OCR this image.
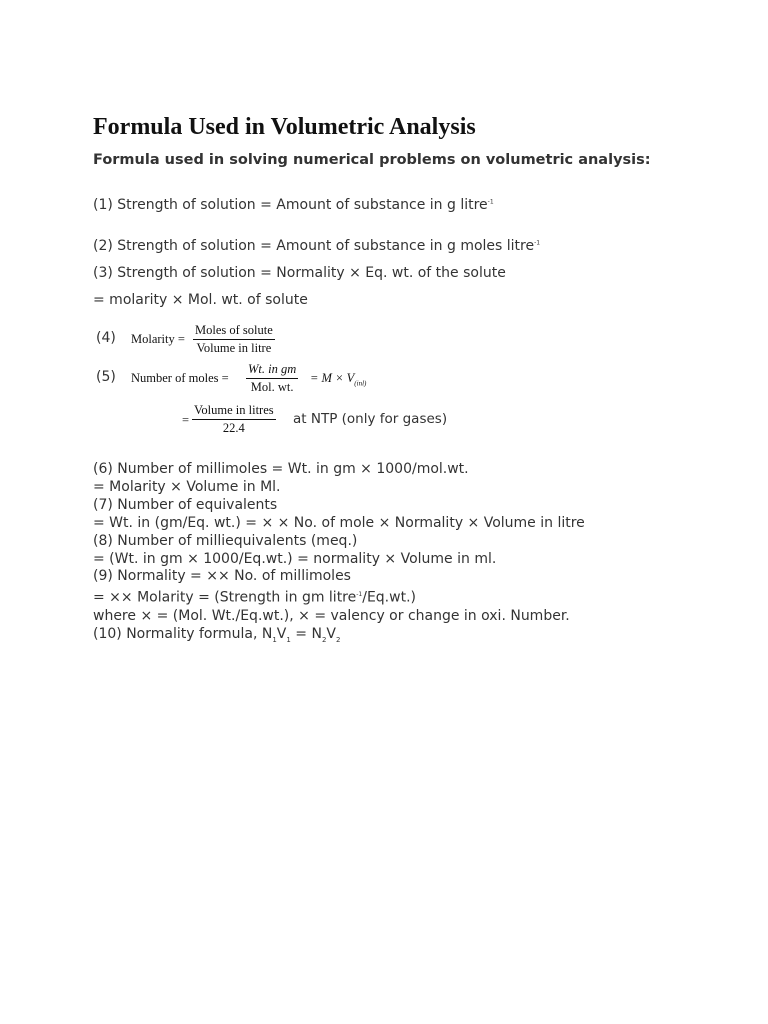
Formula Used in Volumetric Analysis
Formula used in solving numerical problems on volumetric analysis:
(1) Strength of solution = Amount of substance in g litre$^{-1}$
(2) Strength of solution = Amount of substance in g moles litre$^{-1}$
(3) Strength of solution = Normality × Eq. wt. of the solute
= molarity × Mol. wt. of solute
(4) Molarity =
Moles of solute
Volume in litre
(5) Number of moles =
Wt. in gm
Mol. wt.
= $M \times V_{(inl)}$
=
Volume in litres
22.4
at NTP (only for gases)
(6) Number of millimoles = Wt. in gm × 1000/mol.wt.
= Molarity × Volume in Ml.
(7) Number of equivalents
= Wt. in (gm/Eq. wt.) = × × No. of mole × Normality × Volume in litre
(8) Number of milliequivalents (meq.)
= (Wt. in gm × 1000/Eq.wt.) = normality × Volume in ml.
(9) Normality = ×× No. of millimoles
= ×× Molarity = (Strength in gm litre$^{-1}$/Eq.wt.)
where × = (Mol. Wt./Eq.wt.), × = valency or change in oxi. Number.
(10) Normality formula, $N_1V_1 = N_2V_2$
